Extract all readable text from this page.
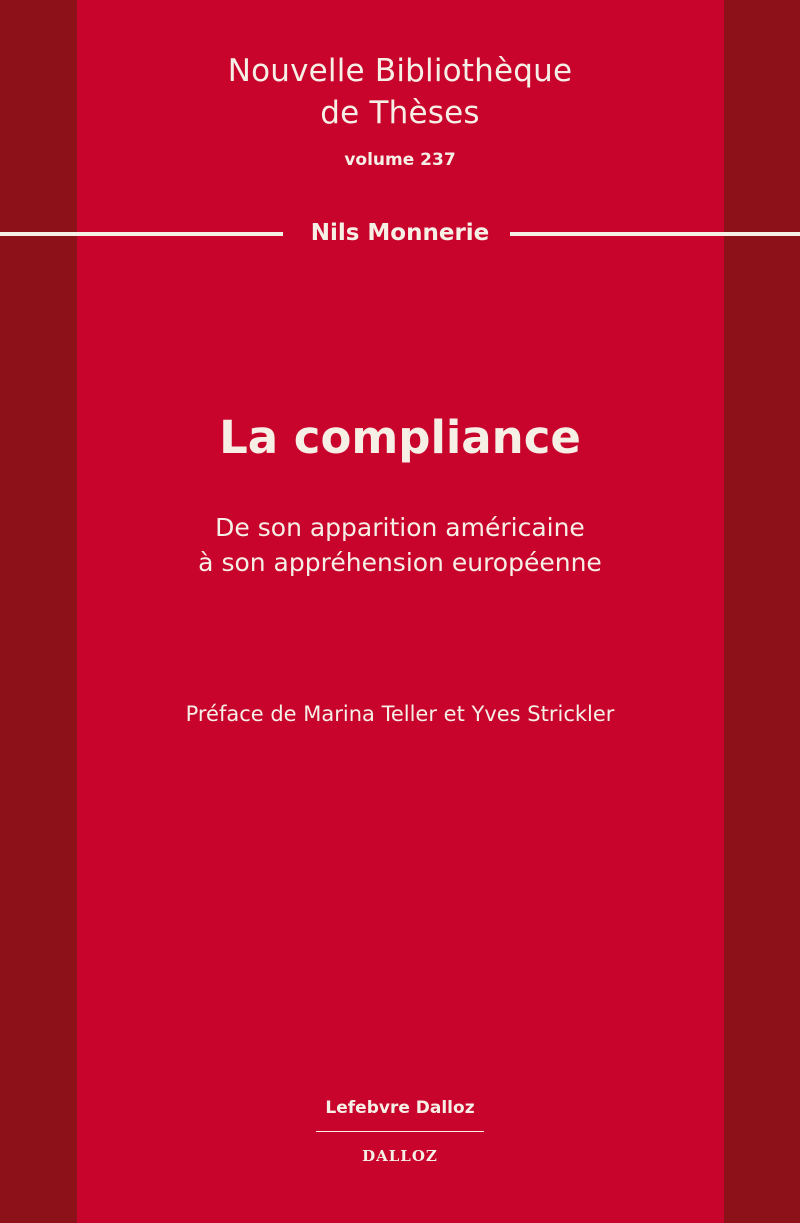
Nouvelle Bibliothèque
de Thèses
volume 237
Nils Monnerie
La compliance
De son apparition américaine
à son appréhension européenne
Préface de Marina Teller et Yves Strickler
Lefebvre Dalloz
DALLOZ
